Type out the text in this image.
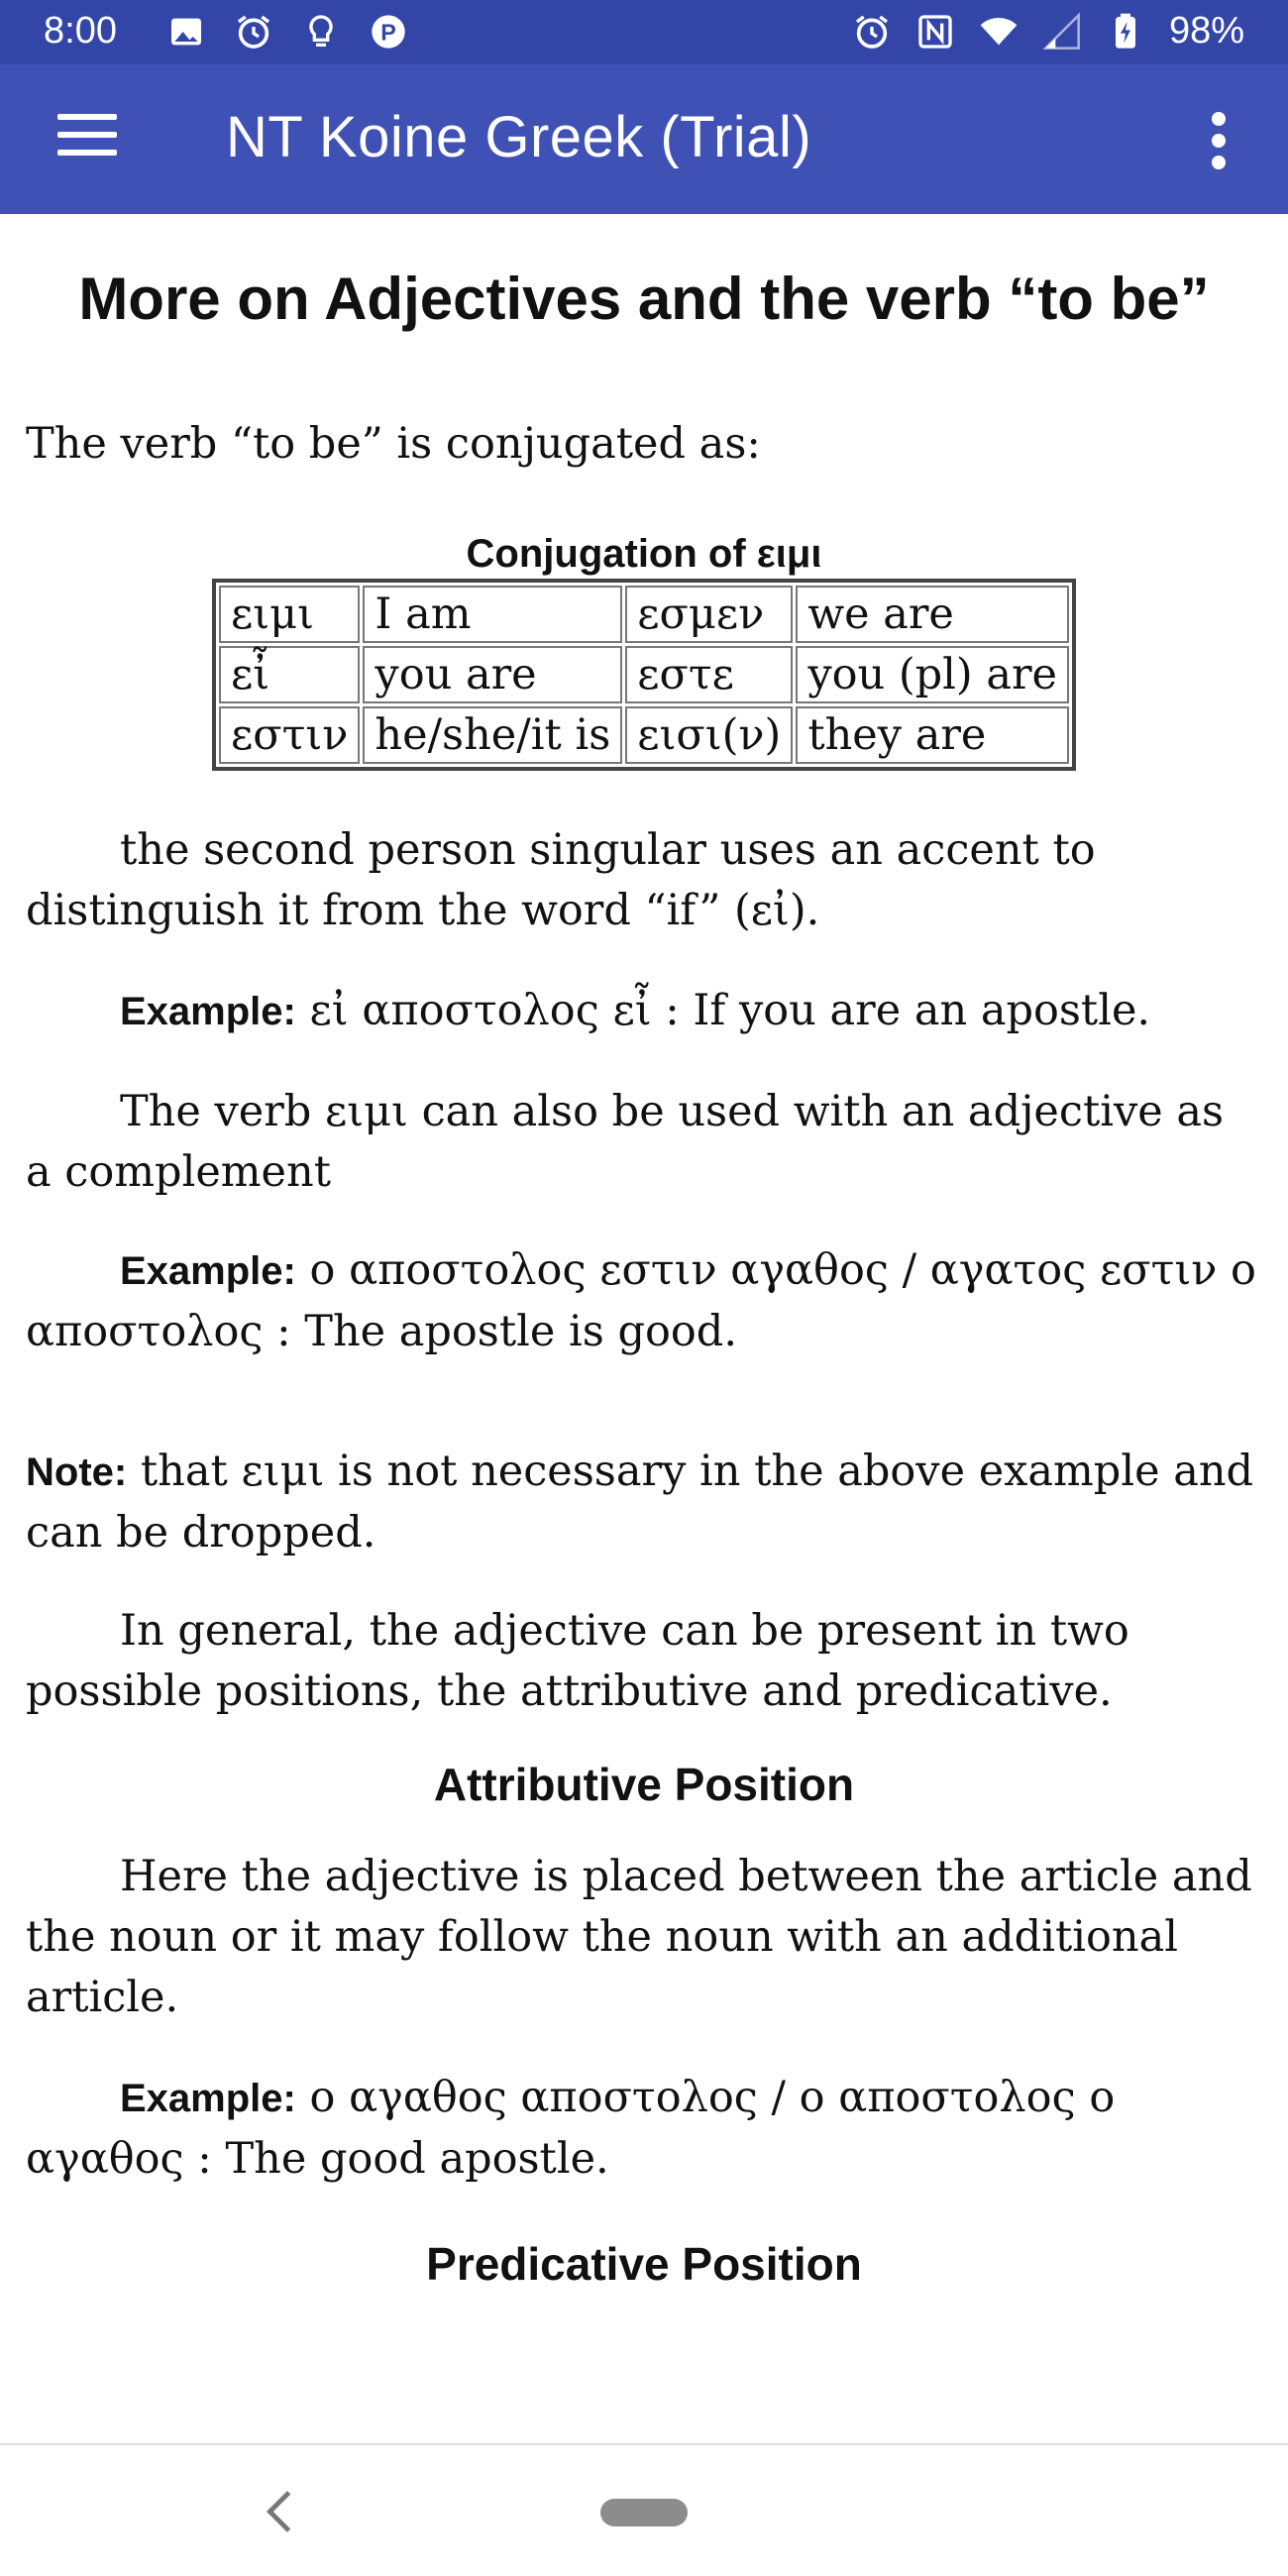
8:00	P	98%
NT Koine Greek (Trial)
More on Adjectives and the verb “to be”

The verb “to be” is conjugated as:

Conjugation of ειμι
ειμι	I am	εσμεν	we are
εἶ	you are	εστε	you (pl) are
εστιν	he/she/it is	εισι(ν)	they are

the second person singular uses an accent to distinguish it from the word “if” (εἰ).

Example: εἰ αποστολος εἶ : If you are an apostle.

The verb ειμι can also be used with an adjective as a complement

Example: ο αποστολος εστιν αγαθος / αγατος εστιν ο αποστολος : The apostle is good.

Note: that ειμι is not necessary in the above example and can be dropped.

In general, the adjective can be present in two possible positions, the attributive and predicative.

Attributive Position

Here the adjective is placed between the article and the noun or it may follow the noun with an additional article.

Example: ο αγαθος αποστολος / ο αποστολος ο αγαθος : The good apostle.

Predicative Position
